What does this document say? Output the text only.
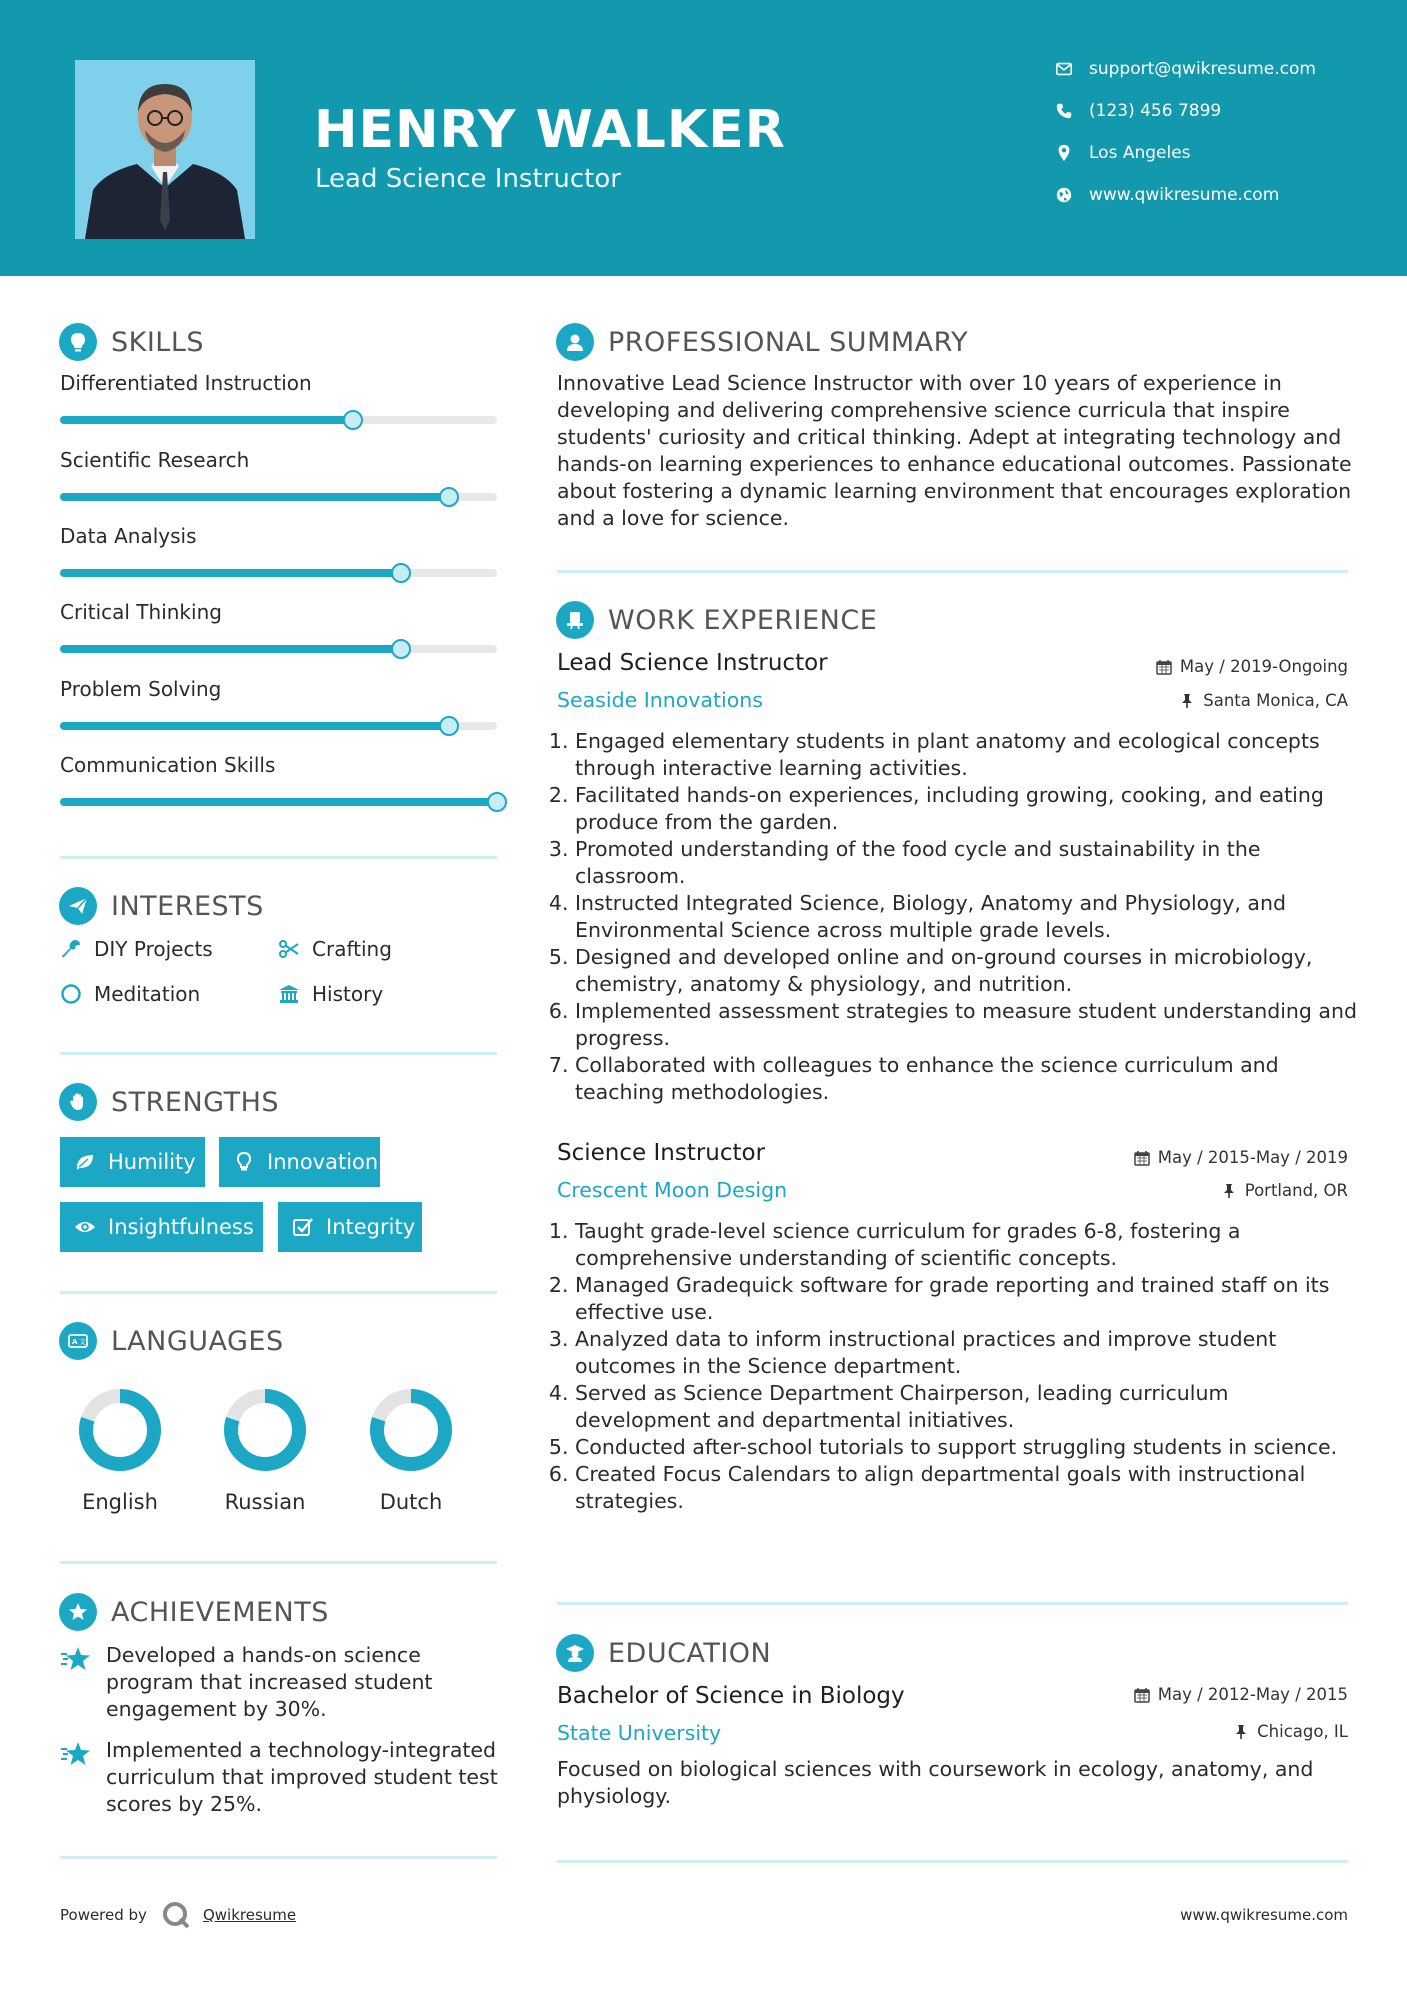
HENRY WALKER
Lead Science Instructor
support@qwikresume.com
(123) 456 7899
Los Angeles
www.qwikresume.com
SKILLS
Differentiated Instruction
Scientific Research
Data Analysis
Critical Thinking
Problem Solving
Communication Skills
INTERESTS
DIY Projects	Crafting
Meditation	History
STRENGTHS
Humility	Innovation
Insightfulness	Integrity
A 文 LANGUAGES
English	Russian	Dutch
ACHIEVEMENTS
Developed a hands-on science program that increased student engagement by 30%.
Implemented a technology-integrated curriculum that improved student test scores by 25%.
PROFESSIONAL SUMMARY
Innovative Lead Science Instructor with over 10 years of experience in developing and delivering comprehensive science curricula that inspire students' curiosity and critical thinking. Adept at integrating technology and hands-on learning experiences to enhance educational outcomes. Passionate about fostering a dynamic learning environment that encourages exploration and a love for science.
WORK EXPERIENCE
Lead Science Instructor	May / 2019-Ongoing
Seaside Innovations	Santa Monica, CA
1. Engaged elementary students in plant anatomy and ecological concepts through interactive learning activities.
2. Facilitated hands-on experiences, including growing, cooking, and eating produce from the garden.
3. Promoted understanding of the food cycle and sustainability in the classroom.
4. Instructed Integrated Science, Biology, Anatomy and Physiology, and Environmental Science across multiple grade levels.
5. Designed and developed online and on-ground courses in microbiology, chemistry, anatomy & physiology, and nutrition.
6. Implemented assessment strategies to measure student understanding and progress.
7. Collaborated with colleagues to enhance the science curriculum and teaching methodologies.
Science Instructor	May / 2015-May / 2019
Crescent Moon Design	Portland, OR
1. Taught grade-level science curriculum for grades 6-8, fostering a comprehensive understanding of scientific concepts.
2. Managed Gradequick software for grade reporting and trained staff on its effective use.
3. Analyzed data to inform instructional practices and improve student outcomes in the Science department.
4. Served as Science Department Chairperson, leading curriculum development and departmental initiatives.
5. Conducted after-school tutorials to support struggling students in science.
6. Created Focus Calendars to align departmental goals with instructional strategies.
EDUCATION
Bachelor of Science in Biology	May / 2012-May / 2015
State University	Chicago, IL
Focused on biological sciences with coursework in ecology, anatomy, and physiology.
Powered by	Qwikresume	www.qwikresume.com
